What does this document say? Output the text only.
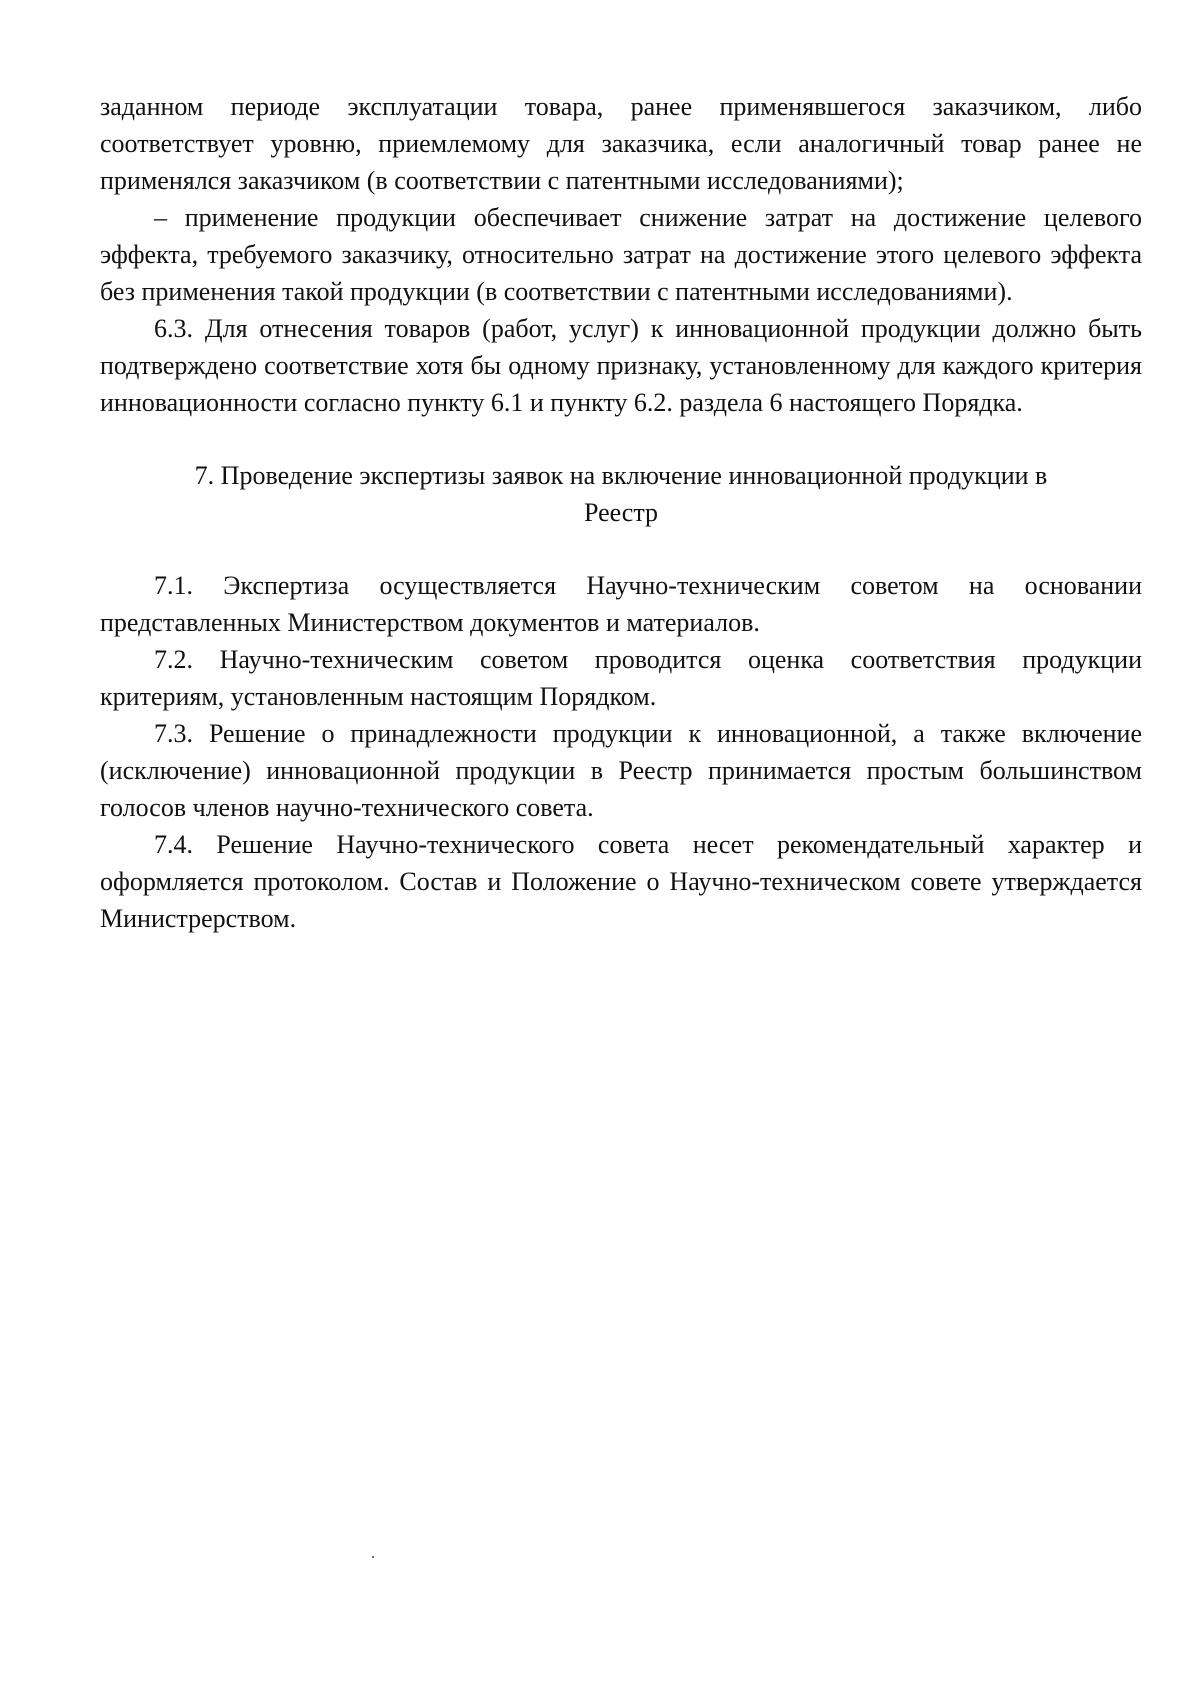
заданном периоде эксплуатации товара, ранее применявшегося заказчиком, либо соответствует уровню, приемлемому для заказчика, если аналогичный товар ранее не применялся заказчиком (в соответствии с патентными исследованиями);

– применение продукции обеспечивает снижение затрат на достижение целевого эффекта, требуемого заказчику, относительно затрат на достижение этого целевого эффекта без применения такой продукции (в соответствии с патентными исследованиями).

6.3. Для отнесения товаров (работ, услуг) к инновационной продукции должно быть подтверждено соответствие хотя бы одному признаку, установленному для каждого критерия инновационности согласно пункту 6.1 и пункту 6.2. раздела 6 настоящего Порядка.

7. Проведение экспертизы заявок на включение инновационной продукции в
Реестр

7.1. Экспертиза осуществляется Научно-техническим советом на основании представленных Министерством документов и материалов.

7.2. Научно-техническим советом проводится оценка соответствия продукции критериям, установленным настоящим Порядком.

7.3. Решение о принадлежности продукции к инновационной, а также включение (исключение) инновационной продукции в Реестр принимается простым большинством голосов членов научно-технического совета.

7.4. Решение Научно-технического совета несет рекомендательный характер и оформляется протоколом. Состав и Положение о Научно-техническом совете утверждается Министрерством.
